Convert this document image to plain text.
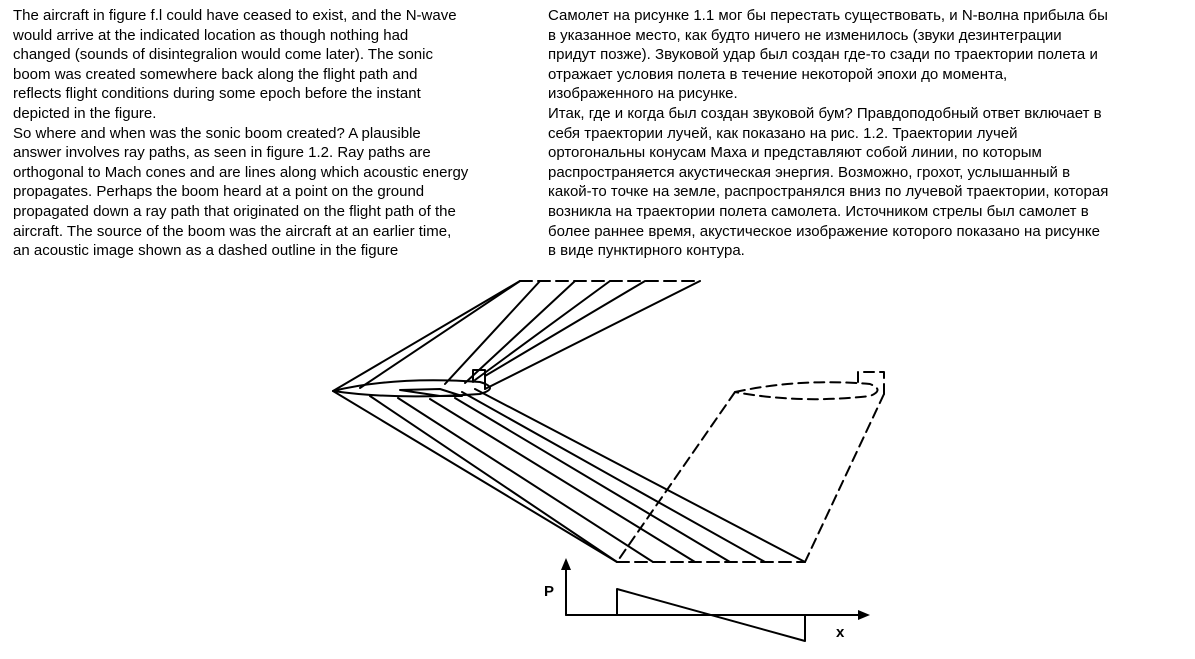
The aircraft in figure f.l could have ceased to exist, and the N-wave
would arrive at the indicated location as though nothing had
changed (sounds of disintegralion would come later). The sonic
boom was created somewhere back along the flight path and
reflects flight conditions during some epoch before the instant
depicted in the figure.

So where and when was the sonic boom created? A plausible
answer involves ray paths, as seen in figure 1.2. Ray paths are
orthogonal to Mach cones and are lines along which acoustic energy
propagates. Perhaps the boom heard at a point on the ground
propagated down a ray path that originated on the flight path of the
aircraft. The source of the boom was the aircraft at an earlier time,
an acoustic image shown as a dashed outline in the figure

Самолет на рисунке 1.1 мог бы перестать существовать, и N-волна прибыла бы
в указанное место, как будто ничего не изменилось (звуки дезинтеграции
придут позже). Звуковой удар был создан где-то сзади по траектории полета и
отражает условия полета в течение некоторой эпохи до момента,
изображенного на рисунке.

Итак, где и когда был создан звуковой бум? Правдоподобный ответ включает в
себя траектории лучей, как показано на рис. 1.2. Траектории лучей
ортогональны конусам Маха и представляют собой линии, по которым
распространяется акустическая энергия. Возможно, грохот, услышанный в
какой-то точке на земле, распространялся вниз по лучевой траектории, которая
возникла на траектории полета самолета. Источником стрелы был самолет в
более раннее время, акустическое изображение которого показано на рисунке
в виде пунктирного контура.

P
x
